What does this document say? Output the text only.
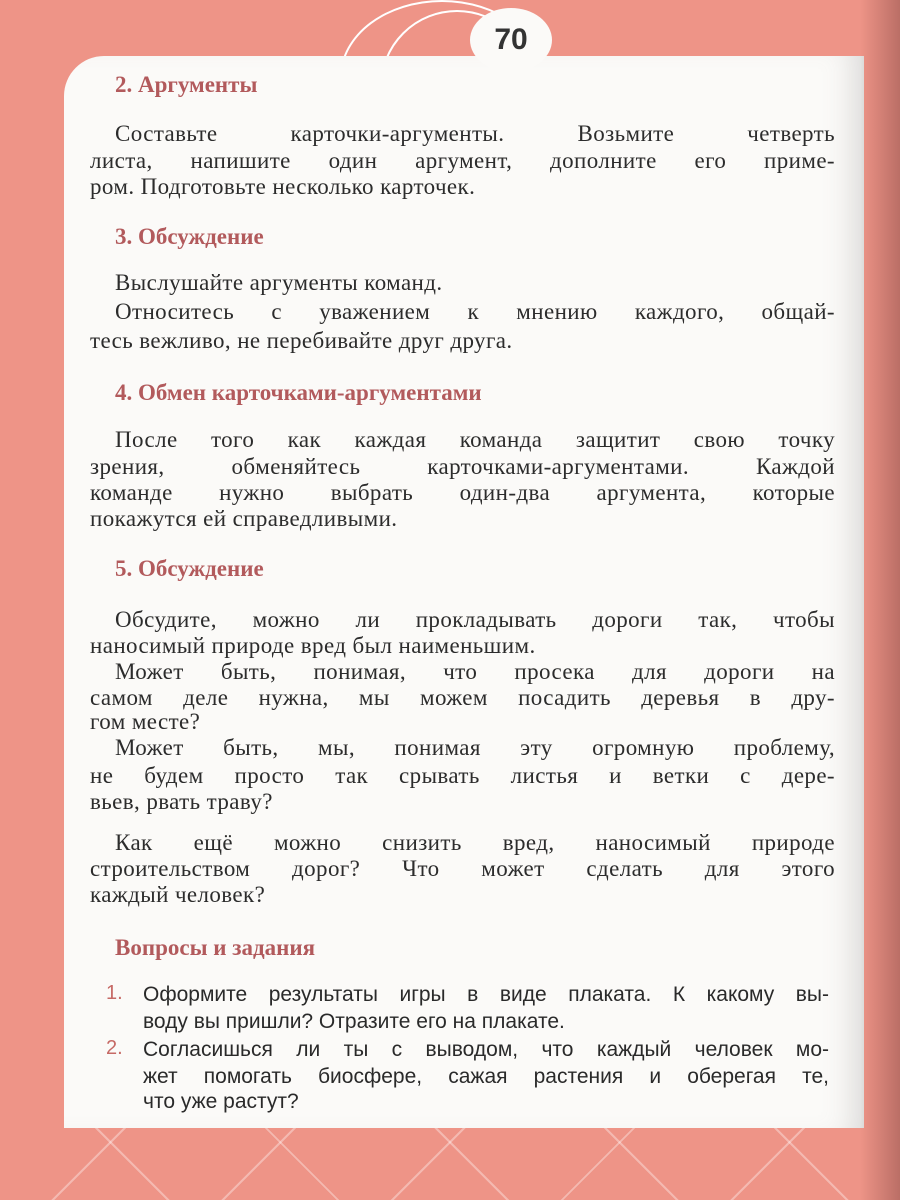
70
2. Аргументы
Составьте карточки-аргументы. Возьмите четверть
листа, напишите один аргумент, дополните его приме-
ром. Подготовьте несколько карточек.
3. Обсуждение
Выслушайте аргументы команд.
Относитесь с уважением к мнению каждого, общай-
тесь вежливо, не перебивайте друг друга.
4. Обмен карточками-аргументами
После того как каждая команда защитит свою точку
зрения, обменяйтесь карточками-аргументами. Каждой
команде нужно выбрать один-два аргумента, которые
покажутся ей справедливыми.
5. Обсуждение
Обсудите, можно ли прокладывать дороги так, чтобы
наносимый природе вред был наименьшим.
Может быть, понимая, что просека для дороги на
самом деле нужна, мы можем посадить деревья в дру-
гом месте?
Может быть, мы, понимая эту огромную проблему,
не будем просто так срывать листья и ветки с дере-
вьев, рвать траву?
Как ещё можно снизить вред, наносимый природе
строительством дорог? Что может сделать для этого
каждый человек?
Вопросы и задания
1. Оформите результаты игры в виде плаката. К какому вы-
воду вы пришли? Отразите его на плакате.
2. Согласишься ли ты с выводом, что каждый человек мо-
жет помогать биосфере, сажая растения и оберегая те,
что уже растут?
